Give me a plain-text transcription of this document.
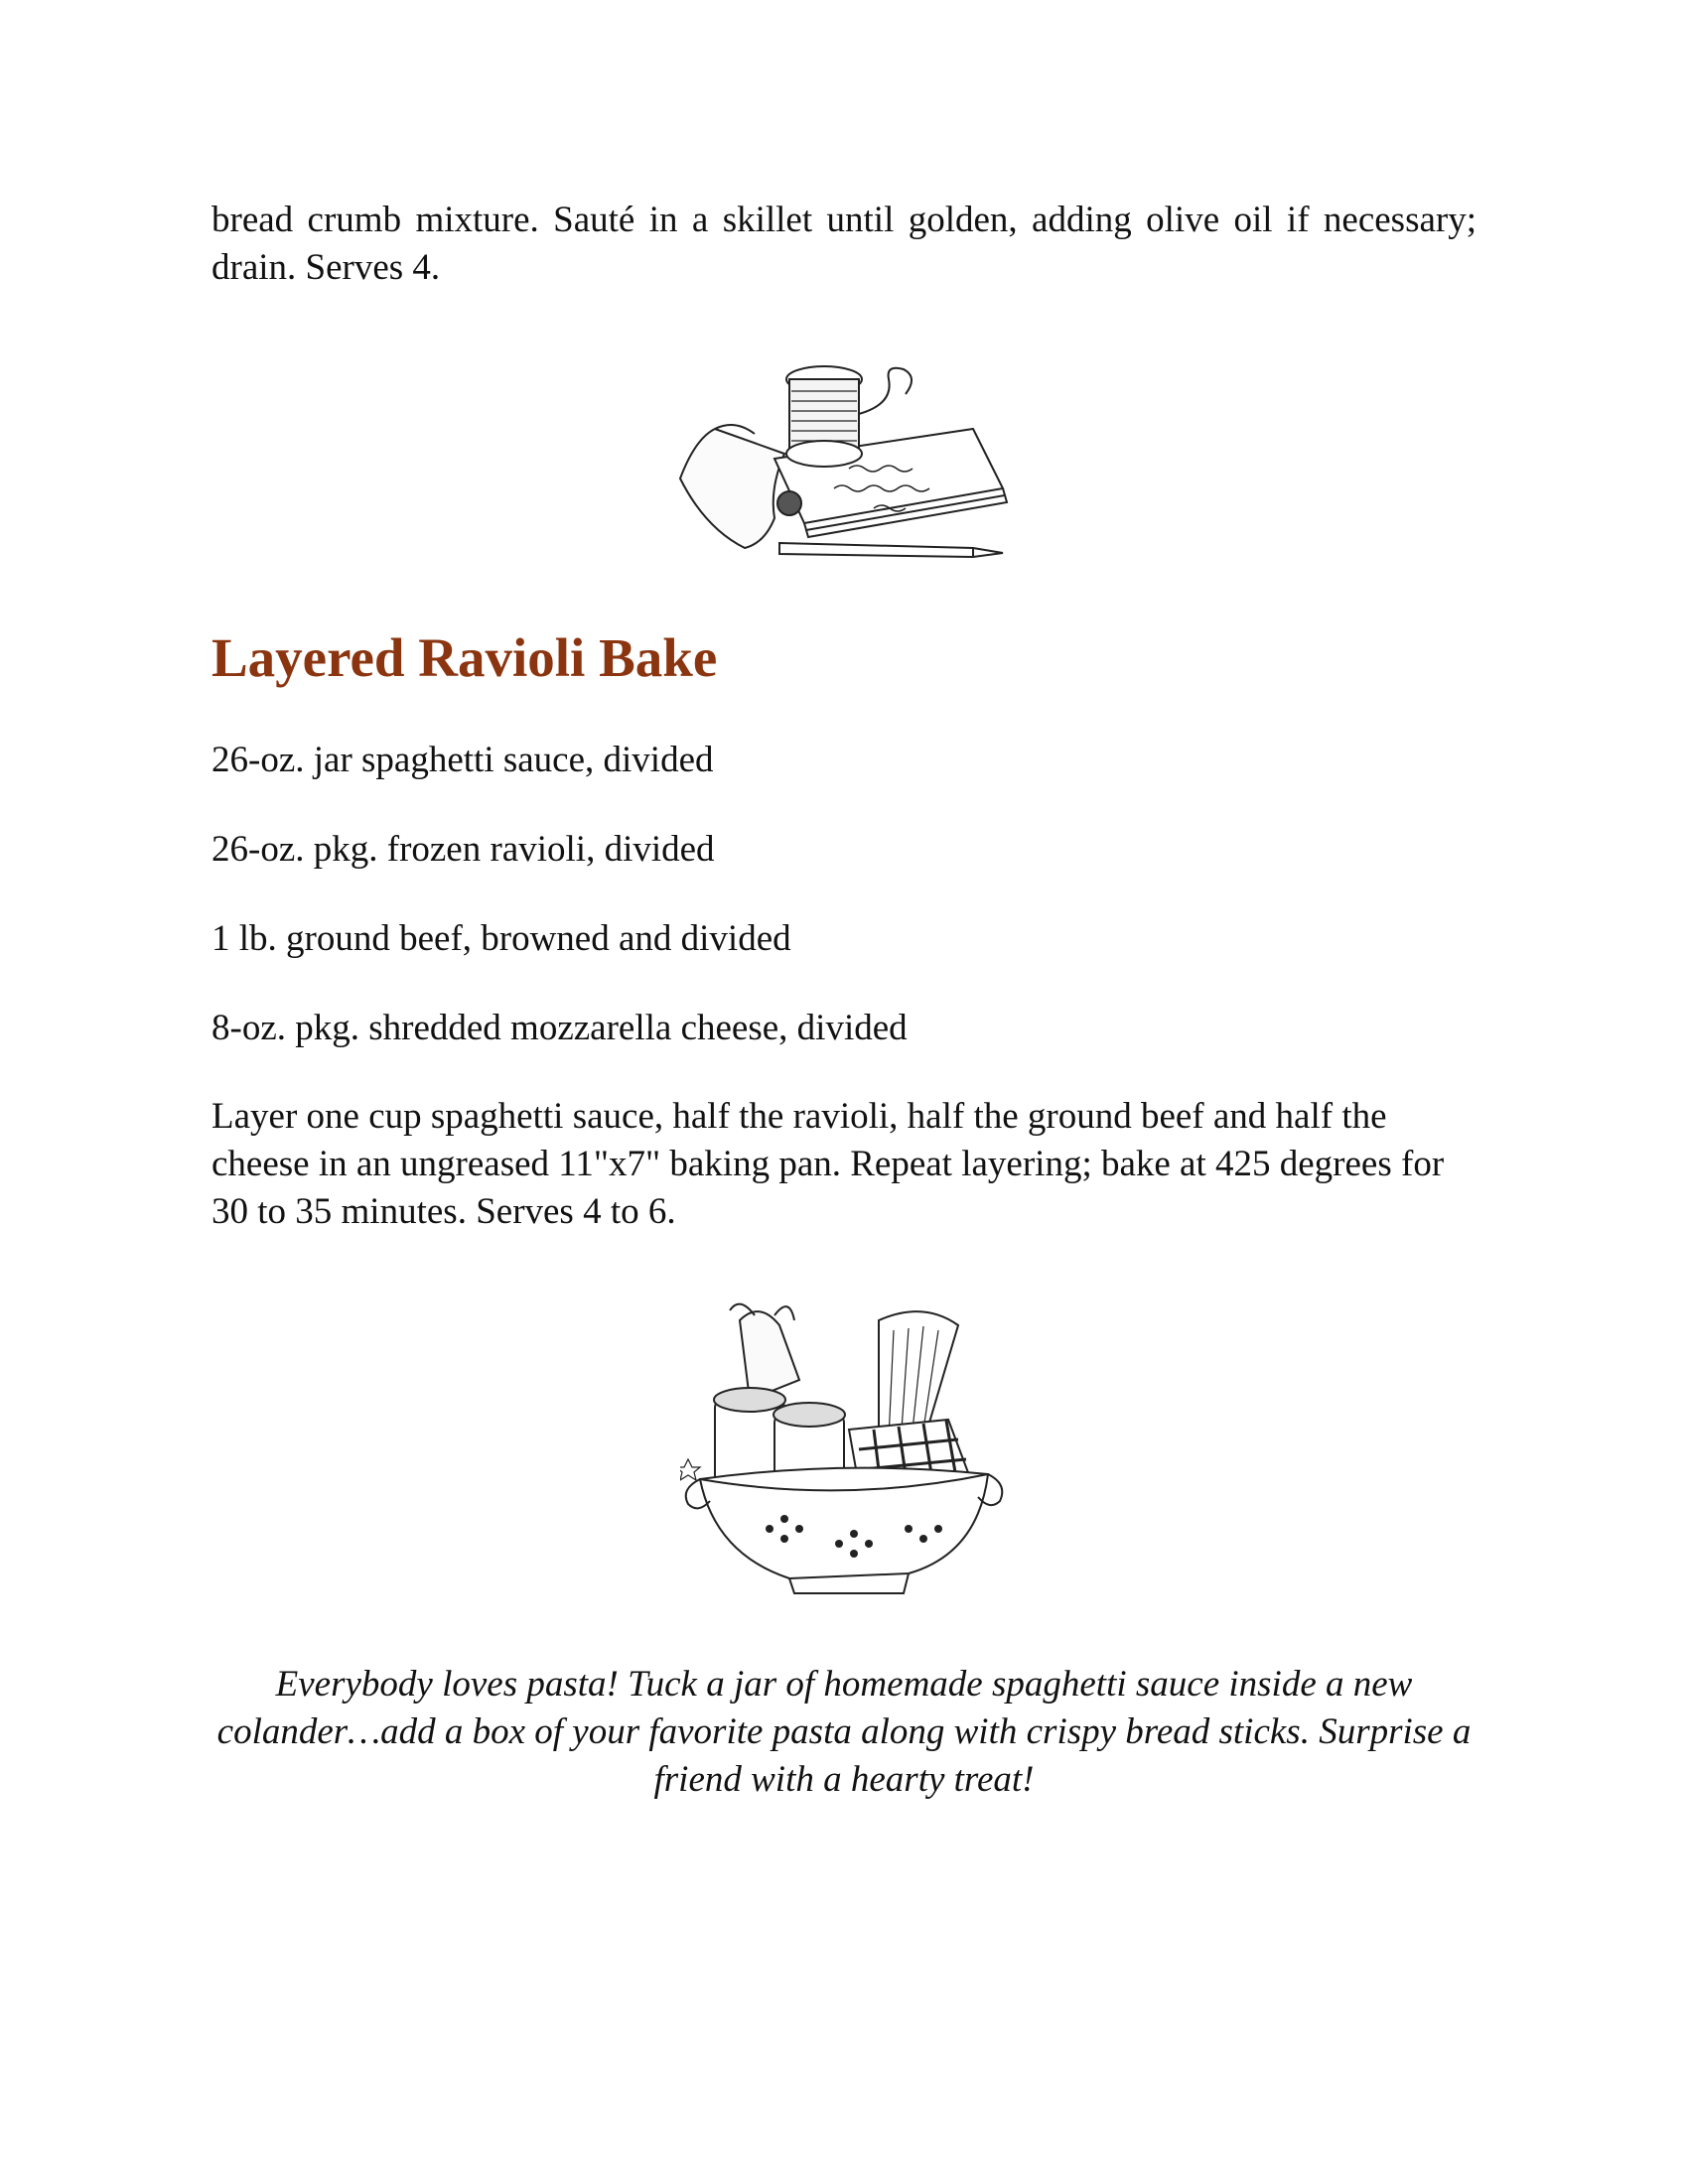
bread crumb mixture. Sauté in a skillet until golden, adding olive oil if necessary; drain. Serves 4.

Layered Ravioli Bake
26-oz. jar spaghetti sauce, divided
26-oz. pkg. frozen ravioli, divided
1 lb. ground beef, browned and divided
8-oz. pkg. shredded mozzarella cheese, divided

Layer one cup spaghetti sauce, half the ravioli, half the ground beef and half the cheese in an ungreased 11"x7" baking pan. Repeat layering; bake at 425 degrees for 30 to 35 minutes. Serves 4 to 6.

Everybody loves pasta! Tuck a jar of homemade spaghetti sauce inside a new colander…add a box of your favorite pasta along with crispy bread sticks. Surprise a friend with a hearty treat!
